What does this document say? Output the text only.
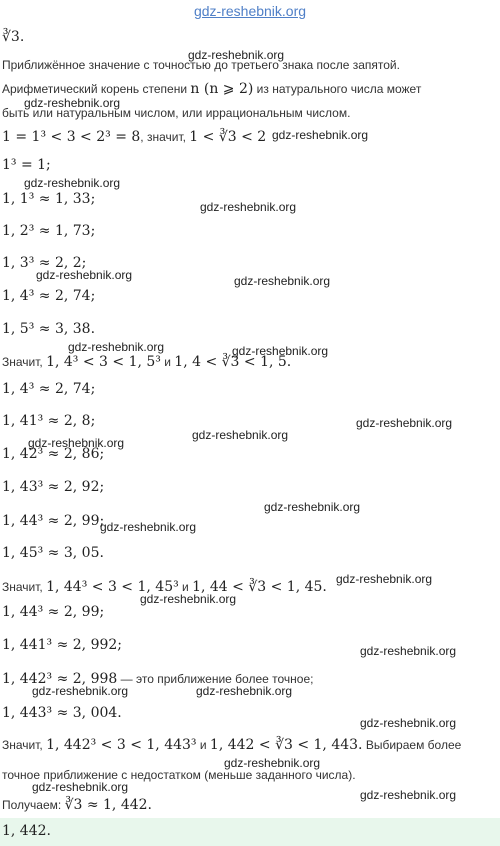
gdz-reshebnik.org
∛3.
Приближённое значение с точностью до третьего знака после запятой.
Арифметический корень степени n (n ⩾ 2) из натурального числа может
быть или натуральным числом, или иррациональным числом.
1 = 1³ < 3 < 2³ = 8, значит, 1 < ∛3 < 2
1³ = 1;
1, 1³ ≈ 1, 33;
1, 2³ ≈ 1, 73;
1, 3³ ≈ 2, 2;
1, 4³ ≈ 2, 74;
1, 5³ ≈ 3, 38.
Значит, 1, 4³ < 3 < 1, 5³ и 1, 4 < ∛3 < 1, 5.
1, 4³ ≈ 2, 74;
1, 41³ ≈ 2, 8;
1, 42³ ≈ 2, 86;
1, 43³ ≈ 2, 92;
1, 44³ ≈ 2, 99;
1, 45³ ≈ 3, 05.
Значит, 1, 44³ < 3 < 1, 45³ и 1, 44 < ∛3 < 1, 45.
1, 44³ ≈ 2, 99;
1, 441³ ≈ 2, 992;
1, 442³ ≈ 2, 998 — это приближение более точное;
1, 443³ ≈ 3, 004.
Значит, 1, 442³ < 3 < 1, 443³ и 1, 442 < ∛3 < 1, 443. Выбираем более
точное приближение с недостатком (меньше заданного числа).
Получаем: ∛3 ≈ 1, 442.
1, 442.
gdz-reshebnik.org
gdz-reshebnik.org
gdz-reshebnik.org
gdz-reshebnik.org
gdz-reshebnik.org
gdz-reshebnik.org	gdz-reshebnik.org
gdz-reshebnik.org	gdz-reshebnik.org
gdz-reshebnik.org
gdz-reshebnik.org
gdz-reshebnik.org
gdz-reshebnik.org
gdz-reshebnik.org
gdz-reshebnik.org
gdz-reshebnik.org
gdz-reshebnik.org
gdz-reshebnik.org	gdz-reshebnik.org
gdz-reshebnik.org
gdz-reshebnik.org
gdz-reshebnik.org
gdz-reshebnik.org
